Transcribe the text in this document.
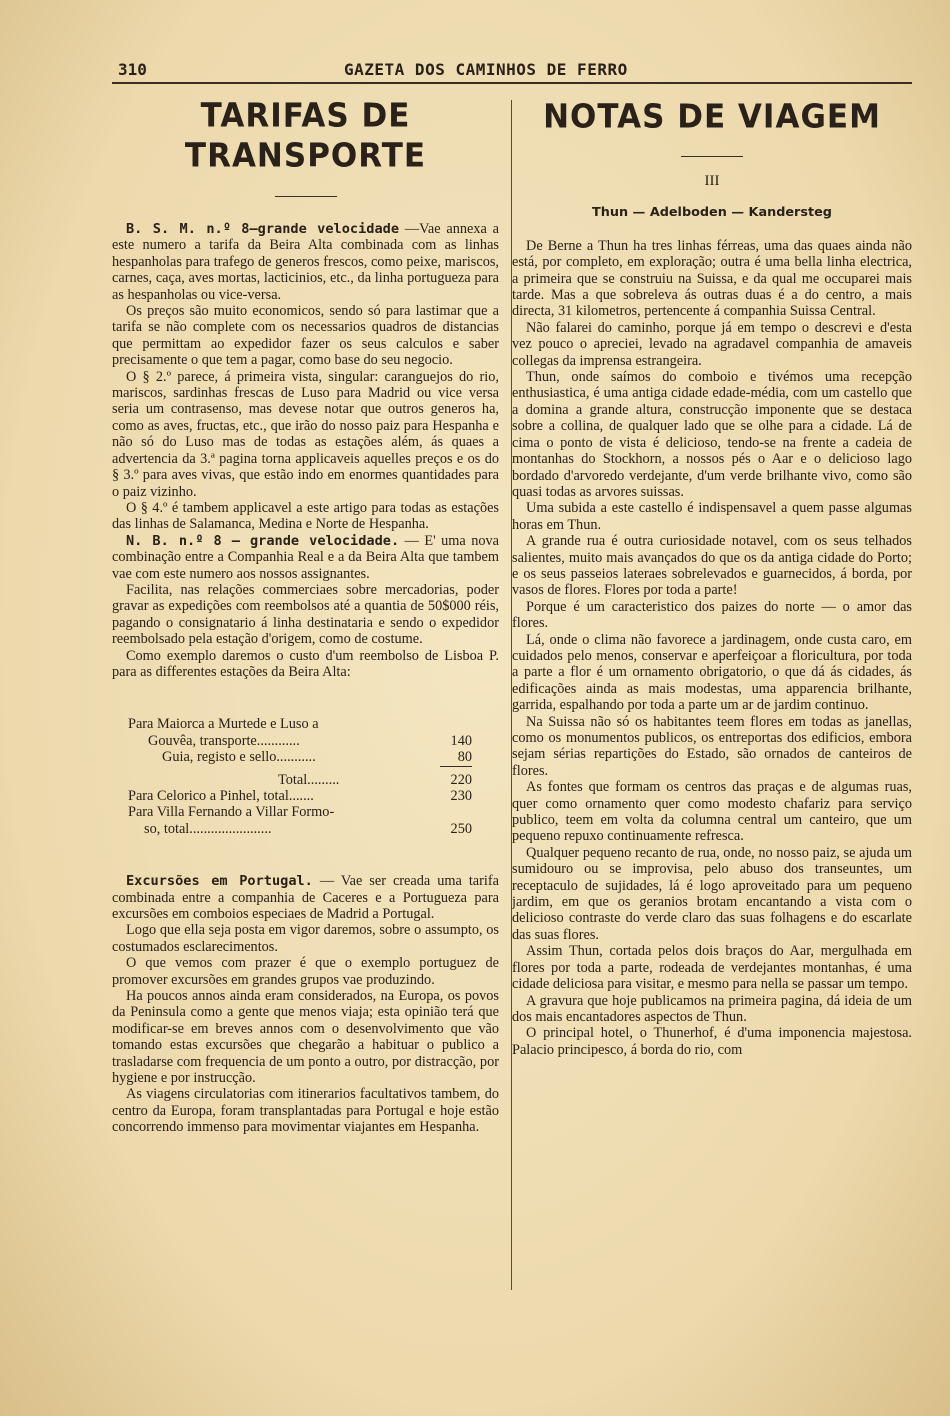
310	GAZETA DOS CAMINHOS DE FERRO
TARIFAS DE TRANSPORTE

B. S. M. n.º 8—grande velocidade —Vae annexa a este numero a tarifa da Beira Alta combinada com as linhas hespanholas para trafego de generos frescos, como peixe, mariscos, carnes, caça, aves mortas, lacticinios, etc., da linha portugueza para as hespanholas ou vice-versa.

Os preços são muito economicos, sendo só para lastimar que a tarifa se não complete com os necessarios quadros de distancias que permittam ao expedidor fazer os seus calculos e saber precisamente o que tem a pagar, como base do seu negocio.

O § 2.º parece, á primeira vista, singular: caranguejos do rio, mariscos, sardinhas frescas de Luso para Madrid ou vice versa seria um contrasenso, mas devese notar que outros generos ha, como as aves, fructas, etc., que irão do nosso paiz para Hespanha e não só do Luso mas de todas as estações além, ás quaes a advertencia da 3.ª pagina torna applicaveis aquelles preços e os do § 3.º para aves vivas, que estão indo em enormes quantidades para o paiz vizinho.

O § 4.º é tambem applicavel a este artigo para todas as estações das linhas de Salamanca, Medina e Norte de Hespanha.

N. B. n.º 8 — grande velocidade. — E' uma nova combinação entre a Companhia Real e a da Beira Alta que tambem vae com este numero aos nossos assignantes.

Facilita, nas relações commerciaes sobre mercadorias, poder gravar as expedições com reembolsos até a quantia de 50$000 réis, pagando o consignatario á linha destinataria e sendo o expedidor reembolsado pela estação d'origem, como de costume.

Como exemplo daremos o custo d'um reembolso de Lisboa P. para as differentes estações da Beira Alta:

Para Maiorca a Murtede e Luso a
Gouvêa, transporte............	140
Guia, registo e sello...........	80
Total.........	220
Para Celorico a Pinhel, total.......	230
Para Villa Fernando a Villar Formo-
so, total.......................	250

Excursões em Portugal. — Vae ser creada uma tarifa combinada entre a companhia de Caceres e a Portugueza para excursões em comboios especiaes de Madrid a Portugal.

Logo que ella seja posta em vigor daremos, sobre o assumpto, os costumados esclarecimentos.

O que vemos com prazer é que o exemplo portuguez de promover excursões em grandes grupos vae produzindo.

Ha poucos annos ainda eram considerados, na Europa, os povos da Peninsula como a gente que menos viaja; esta opinião terá que modificar-se em breves annos com o desenvolvimento que vão tomando estas excursões que chegarão a habituar o publico a trasladarse com frequencia de um ponto a outro, por distracção, por hygiene e por instrucção.

As viagens circulatorias com itinerarios facultativos tambem, do centro da Europa, foram transplantadas para Portugal e hoje estão concorrendo immenso para movimentar viajantes em Hespanha.

NOTAS DE VIAGEM
III
Thun — Adelboden — Kandersteg

De Berne a Thun ha tres linhas férreas, uma das quaes ainda não está, por completo, em exploração; outra é uma bella linha electrica, a primeira que se construiu na Suissa, e da qual me occuparei mais tarde. Mas a que sobreleva ás outras duas é a do centro, a mais directa, 31 kilometros, pertencente á companhia Suissa Central.

Não falarei do caminho, porque já em tempo o descrevi e d'esta vez pouco o apreciei, levado na agradavel companhia de amaveis collegas da imprensa estrangeira.

Thun, onde saímos do comboio e tivémos uma recepção enthusiastica, é uma antiga cidade edade-média, com um castello que a domina a grande altura, construcção imponente que se destaca sobre a collina, de qualquer lado que se olhe para a cidade. Lá de cima o ponto de vista é delicioso, tendo-se na frente a cadeia de montanhas do Stockhorn, a nossos pés o Aar e o delicioso lago bordado d'arvoredo verdejante, d'um verde brilhante vivo, como são quasi todas as arvores suissas.

Uma subida a este castello é indispensavel a quem passe algumas horas em Thun.

A grande rua é outra curiosidade notavel, com os seus telhados salientes, muito mais avançados do que os da antiga cidade do Porto; e os seus passeios lateraes sobrelevados e guarnecidos, á borda, por vasos de flores. Flores por toda a parte!

Porque é um caracteristico dos paizes do norte — o amor das flores.

Lá, onde o clima não favorece a jardinagem, onde custa caro, em cuidados pelo menos, conservar e aperfeiçoar a floricultura, por toda a parte a flor é um ornamento obrigatorio, o que dá ás cidades, ás edificações ainda as mais modestas, uma apparencia brilhante, garrida, espalhando por toda a parte um ar de jardim continuo.

Na Suissa não só os habitantes teem flores em todas as janellas, como os monumentos publicos, os entreportas dos edificios, embora sejam sérias repartições do Estado, são ornados de canteiros de flores.

As fontes que formam os centros das praças e de algumas ruas, quer como ornamento quer como modesto chafariz para serviço publico, teem em volta da columna central um canteiro, que um pequeno repuxo continuamente refresca.

Qualquer pequeno recanto de rua, onde, no nosso paiz, se ajuda um sumidouro ou se improvisa, pelo abuso dos transeuntes, um receptaculo de sujidades, lá é logo aproveitado para um pequeno jardim, em que os geranios brotam encantando a vista com o delicioso contraste do verde claro das suas folhagens e do escarlate das suas flores.

Assim Thun, cortada pelos dois braços do Aar, mergulhada em flores por toda a parte, rodeada de verdejantes montanhas, é uma cidade deliciosa para visitar, e mesmo para nella se passar um tempo.

A gravura que hoje publicamos na primeira pagina, dá ideia de um dos mais encantadores aspectos de Thun.

O principal hotel, o Thunerhof, é d'uma imponencia majestosa. Palacio principesco, á borda do rio, com
